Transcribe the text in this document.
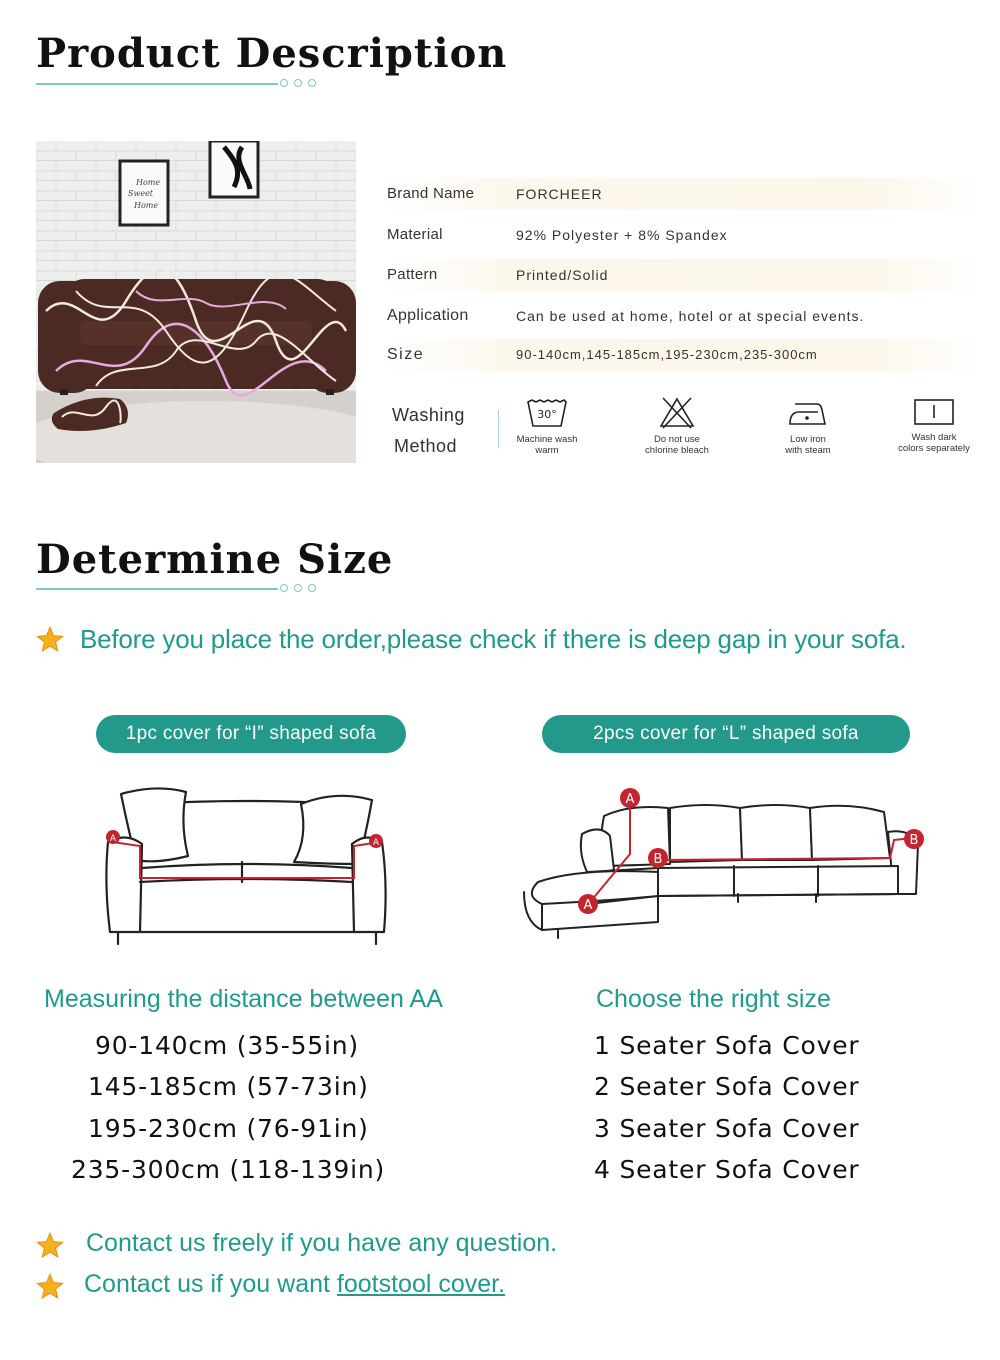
Product Description
Home
Sweet
Home
Brand Name	FORCHEER
Material	92% Polyester + 8% Spandex
Pattern	Printed/Solid
Application	Can be used at home, hotel or at special events.
Size	90-140cm,145-185cm,195-230cm,235-300cm
Washing
Method
30°
Machine wash
warm
Do not use
chlorine bleach
Low iron
with steam
Wash dark
colors separately
Determine Size
Before you place the order,please check if there is deep gap in your sofa.
1pc cover for “I” shaped sofa	2pcs cover for “L” shaped sofa
A	A
A
A
B
B
Measuring the distance between AA	Choose the right size
90-140cm (35-55in)
145-185cm (57-73in)
195-230cm (76-91in)
235-300cm (118-139in)
1 Seater Sofa Cover
2 Seater Sofa Cover
3 Seater Sofa Cover
4 Seater Sofa Cover
Contact us freely if you have any question.
Contact us if you want footstool cover.
